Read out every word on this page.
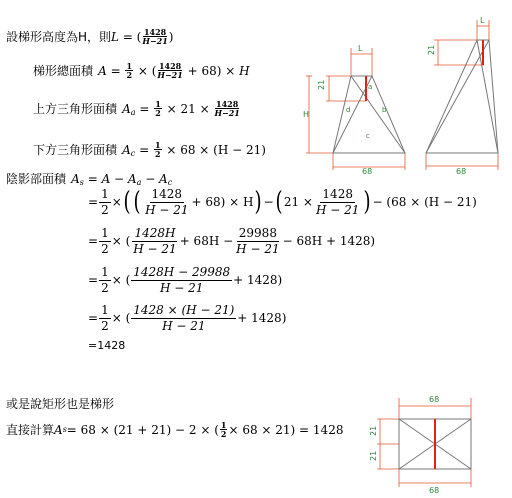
設梯形高度為H，則L = ( $\frac{1428}{H-21}$ )
梯形總面積 $A = \frac{1}{2}$ × ( $\frac{1428}{H-21} + 68) \times H$
上方三角形面積 $A_a = \frac{1}{2} \times 21 \times \frac{1428}{H-21}$
下方三角形面積 $A_c = \frac{1}{2} \times 68 \times (H - 21)$
陰影部面積 $A_s = A - A_a - A_c$
= $\frac{1}{2}$ × ( ( $\frac{1428}{H - 21} + 68) \times H$ ) − ( $21 \times \frac{1428}{H - 21}$ ) − (68 × (H − 21)
= $\frac{1}{2}$ × ( $\frac{1428H}{H - 21} + 68H - \frac{29988}{H - 21} - 68H + 1428$)
= $\frac{1}{2}$ × ( $\frac{1428H - 29988}{H - 21} + 1428$)
= $\frac{1}{2}$ × ( $\frac{1428 \times (H - 21)}{H - 21} + 1428$)
=1428
或是說矩形也是梯形
直接計算 A s = 68 × (21 + 21) − 2 × ( $\frac{1}{2} \times 68 \times 21) = 1428$
L
21
H
a
b
c
d
68
L
21
68
68
21
21
68
